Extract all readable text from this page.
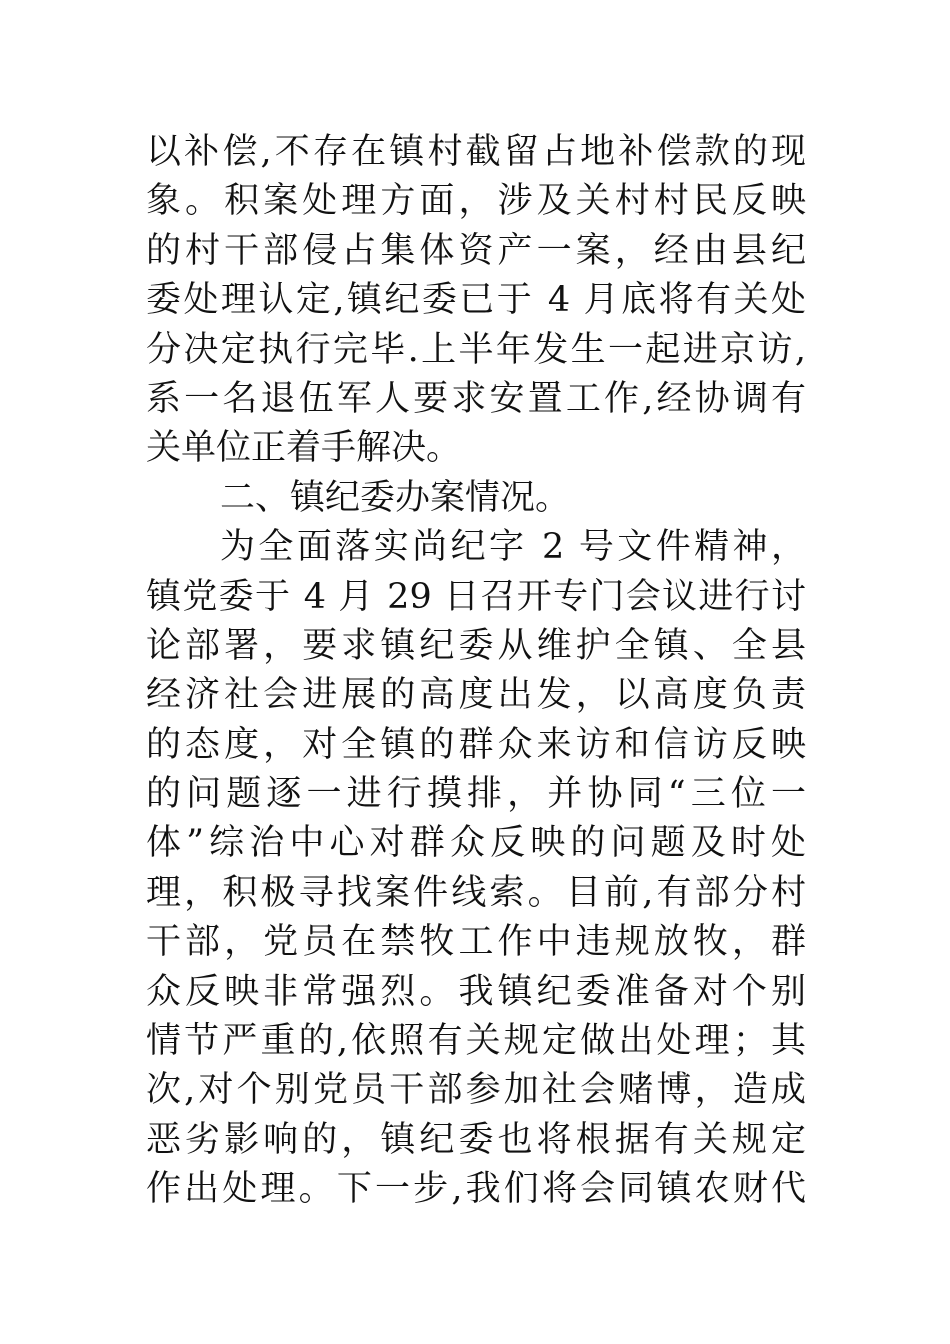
以补偿,不存在镇村截留占地补偿款的现
象。积案处理方面，涉及关村村民反映
的村干部侵占集体资产一案，经由县纪
委处理认定,镇纪委已于 4 月底将有关处
分决定执行完毕.上半年发生一起进京访,
系一名退伍军人要求安置工作,经协调有
关单位正着手解决。
二、镇纪委办案情况。
为全面落实尚纪字 2 号文件精神，
镇党委于 4 月 29 日召开专门会议进行讨
论部署，要求镇纪委从维护全镇、全县
经济社会进展的高度出发，以高度负责
的态度，对全镇的群众来访和信访反映
的问题逐一进行摸排，并协同“三位一
体”综治中心对群众反映的问题及时处
理，积极寻找案件线索。目前,有部分村
干部，党员在禁牧工作中违规放牧，群
众反映非常强烈。我镇纪委准备对个别
情节严重的,依照有关规定做出处理；其
次,对个别党员干部参加社会赌博，造成
恶劣影响的，镇纪委也将根据有关规定
作出处理。下一步,我们将会同镇农财代
